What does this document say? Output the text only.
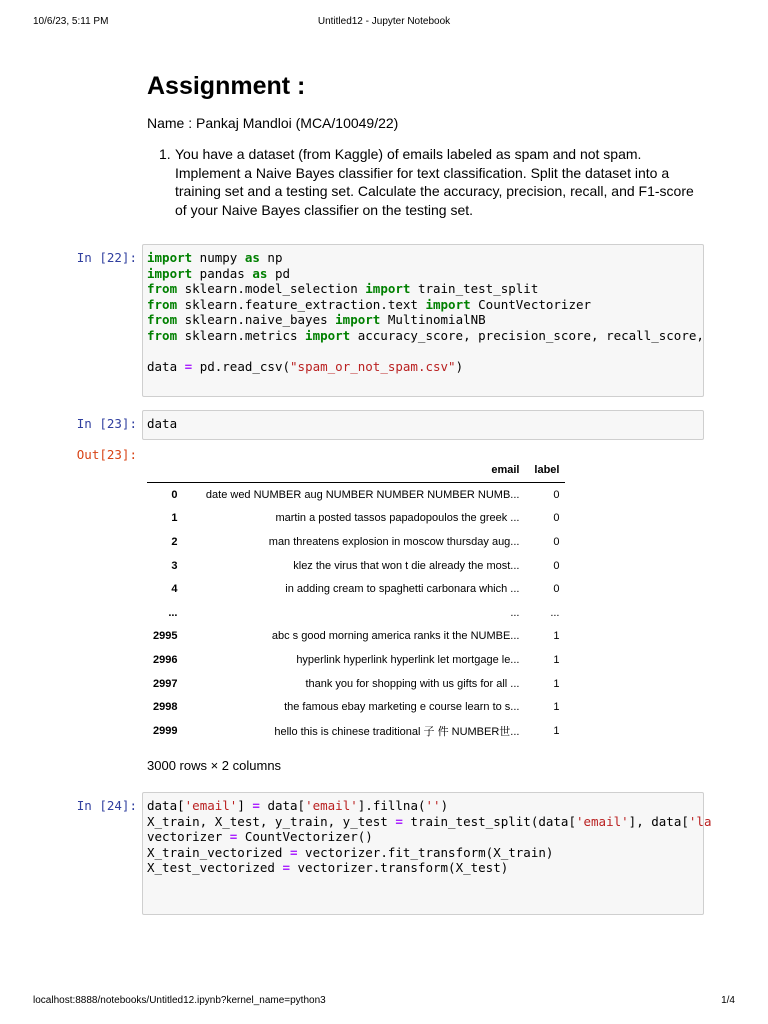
10/6/23, 5:11 PM	Untitled12 - Jupyter Notebook
Assignment :
Name : Pankaj Mandloi (MCA/10049/22)
1. You have a dataset (from Kaggle) of emails labeled as spam and not spam. Implement a Naive Bayes classifier for text classification. Split the dataset into a training set and a testing set. Calculate the accuracy, precision, recall, and F1-score of your Naive Bayes classifier on the testing set.
In [22]: import numpy as np
import pandas as pd
from sklearn.model_selection import train_test_split
from sklearn.feature_extraction.text import CountVectorizer
from sklearn.naive_bayes import MultinomialNB
from sklearn.metrics import accuracy_score, precision_score, recall_score,

data = pd.read_csv("spam_or_not_spam.csv")
In [23]: data
Out[23]:
	email	label
0	date wed NUMBER aug NUMBER NUMBER NUMBER NUMB...	0
1	martin a posted tassos papadopoulos the greek ...	0
2	man threatens explosion in moscow thursday aug...	0
3	klez the virus that won t die already the most...	0
4	in adding cream to spaghetti carbonara which ...	0
...	...	...
2995	abc s good morning america ranks it the NUMBE...	1
2996	hyperlink hyperlink hyperlink let mortgage le...	1
2997	thank you for shopping with us gifts for all ...	1
2998	the famous ebay marketing e course learn to s...	1
2999	hello this is chinese traditional 子 件 NUMBER世...	1
3000 rows × 2 columns
In [24]: data['email'] = data['email'].fillna('')
X_train, X_test, y_train, y_test = train_test_split(data['email'], data['la
vectorizer = CountVectorizer()
X_train_vectorized = vectorizer.fit_transform(X_train)
X_test_vectorized = vectorizer.transform(X_test)
localhost:8888/notebooks/Untitled12.ipynb?kernel_name=python3	1/4
